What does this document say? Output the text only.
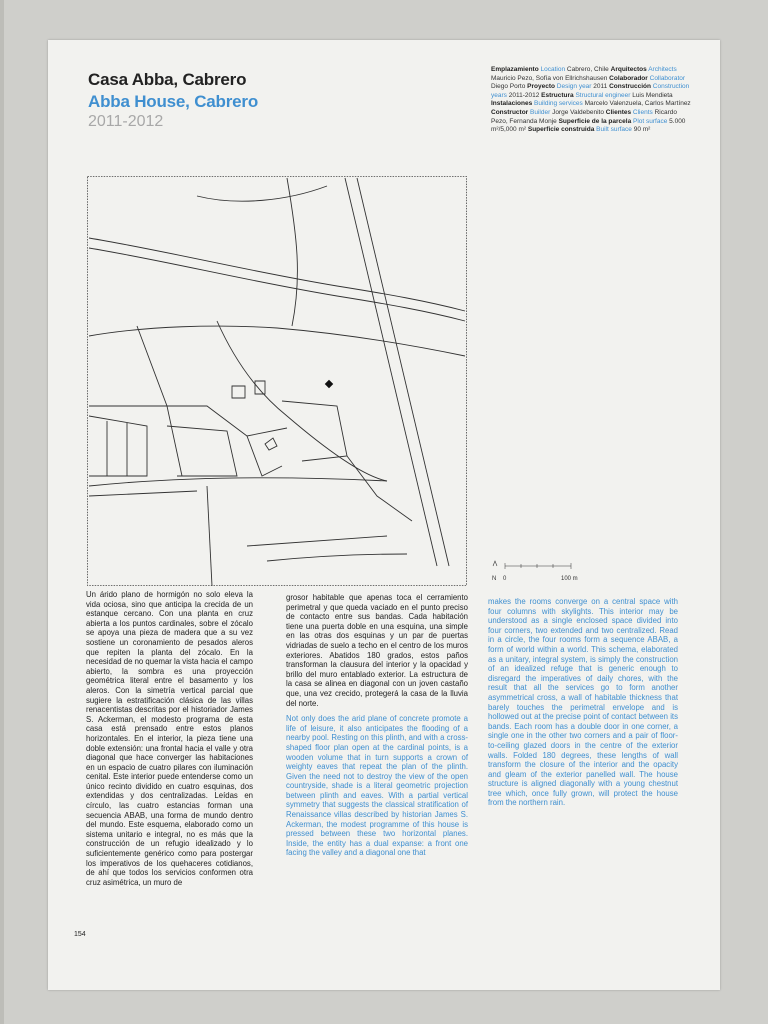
Casa Abba, Cabrero
Abba House, Cabrero
2011-2012
Emplazamiento Location Cabrero, Chile Arquitectos Architects Mauricio Pezo, Sofía von Ellrichshausen Colaborador Collaborator Diego Porto Proyecto Design year 2011 Construcción Construction years 2011-2012 Estructura Structural engineer Luis Mendieta Instalaciones Building services Marcelo Valenzuela, Carlos Martínez Constructor Builder Jorge Valdebenito Clientes Clients Ricardo Pezo, Fernanda Monje Superficie de la parcela Plot surface 5.000 m²/5,000 m² Superficie construida Built surface 90 m²
N 0	100 m

Un árido plano de hormigón no solo eleva la vida ociosa, sino que anticipa la crecida de un estanque cercano. Con una planta en cruz abierta a los puntos cardinales, sobre el zócalo se apoya una pieza de madera que a su vez sostiene un coronamiento de pesados aleros que repiten la planta del zócalo. En la necesidad de no quemar la vista hacia el campo abierto, la sombra es una proyección geométrica literal entre el basamento y los aleros. Con la simetría vertical parcial que sugiere la estratificación clásica de las villas renacentistas descritas por el historiador James S. Ackerman, el modesto programa de esta casa está prensado entre estos planos horizontales. En el interior, la pieza tiene una doble extensión: una frontal hacia el valle y otra diagonal que hace converger las habitaciones en un espacio de cuatro pilares con iluminación cenital. Este interior puede entenderse como un único recinto dividido en cuatro esquinas, dos extendidas y dos centralizadas. Leídas en círculo, las cuatro estancias forman una secuencia ABAB, una forma de mundo dentro del mundo. Este esquema, elaborado como un sistema unitario e integral, no es más que la construcción de un refugio idealizado y lo suficientemente genérico como para postergar los imperativos de los quehaceres cotidianos, de ahí que todos los servicios conformen otra cruz asimétrica, un muro de

grosor habitable que apenas toca el cerramiento perimetral y que queda vaciado en el punto preciso de contacto entre sus bandas. Cada habitación tiene una puerta doble en una esquina, una simple en las otras dos esquinas y un par de puertas vidriadas de suelo a techo en el centro de los muros exteriores. Abatidos 180 grados, estos paños transforman la clausura del interior y la opacidad y brillo del muro entablado exterior. La estructura de la casa se alinea en diagonal con un joven castaño que, una vez crecido, protegerá la casa de la lluvia del norte.

Not only does the arid plane of concrete promote a life of leisure, it also anticipates the flooding of a nearby pool. Resting on this plinth, and with a cross-shaped floor plan open at the cardinal points, is a wooden volume that in turn supports a crown of weighty eaves that repeat the plan of the plinth. Given the need not to destroy the view of the open countryside, shade is a literal geometric projection between plinth and eaves. With a partial vertical symmetry that suggests the classical stratification of Renaissance villas described by historian James S. Ackerman, the modest programme of this house is pressed between these two horizontal planes. Inside, the entity has a dual expanse: a front one facing the valley and a diagonal one that

makes the rooms converge on a central space with four columns with skylights. This interior may be understood as a single enclosed space divided into four corners, two extended and two centralized. Read in a circle, the four rooms form a sequence ABAB, a form of world within a world. This schema, elaborated as a unitary, integral system, is simply the construction of an idealized refuge that is generic enough to disregard the imperatives of daily chores, with the result that all the services go to form another asymmetrical cross, a wall of habitable thickness that barely touches the perimetral envelope and is hollowed out at the precise point of contact between its bands. Each room has a double door in one corner, a single one in the other two corners and a pair of floor-to-ceiling glazed doors in the centre of the exterior walls. Folded 180 degrees, these lengths of wall transform the closure of the interior and the opacity and gleam of the exterior panelled wall. The house structure is aligned diagonally with a young chestnut tree which, once fully grown, will protect the house from the northern rain.

154
